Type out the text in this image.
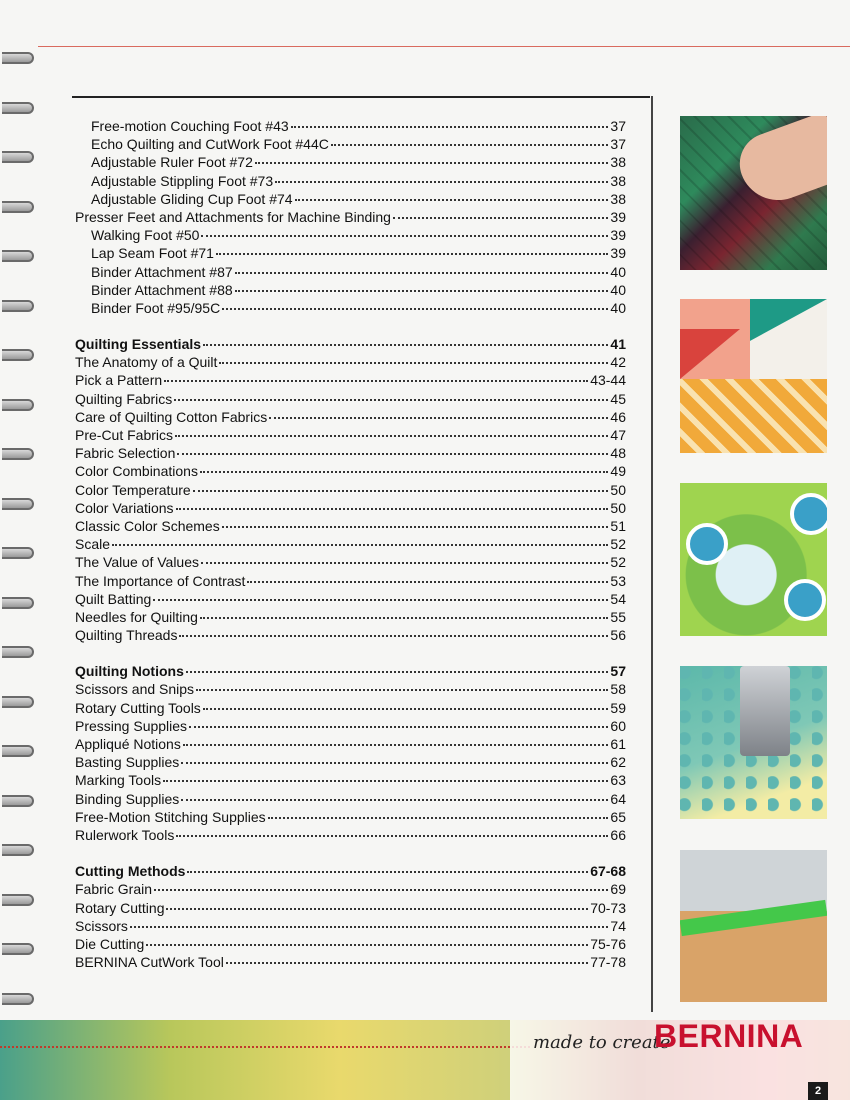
Free-motion Couching Foot #43	37
Echo Quilting and CutWork Foot #44C	37
Adjustable Ruler Foot #72	38
Adjustable Stippling Foot #73	38
Adjustable Gliding Cup Foot #74	38
Presser Feet and Attachments for Machine Binding	39
Walking Foot #50	39
Lap Seam Foot #71	39
Binder Attachment #87	40
Binder Attachment #88	40
Binder Foot #95/95C	40
Quilting Essentials	41
The Anatomy of a Quilt	42
Pick a Pattern	43-44
Quilting Fabrics	45
Care of Quilting Cotton Fabrics	46
Pre-Cut Fabrics	47
Fabric Selection	48
Color Combinations	49
Color Temperature	50
Color Variations	50
Classic Color Schemes	51
Scale	52
The Value of Values	52
The Importance of Contrast	53
Quilt Batting	54
Needles for Quilting	55
Quilting Threads	56
Quilting Notions	57
Scissors and Snips	58
Rotary Cutting Tools	59
Pressing Supplies	60
Appliqué Notions	61
Basting Supplies	62
Marking Tools	63
Binding Supplies	64
Free-Motion Stitching Supplies	65
Rulerwork Tools	66
Cutting Methods	67-68
Fabric Grain	69
Rotary Cutting	70-73
Scissors	74
Die Cutting	75-76
BERNINA CutWork Tool	77-78
made to create
BERNINA
2
